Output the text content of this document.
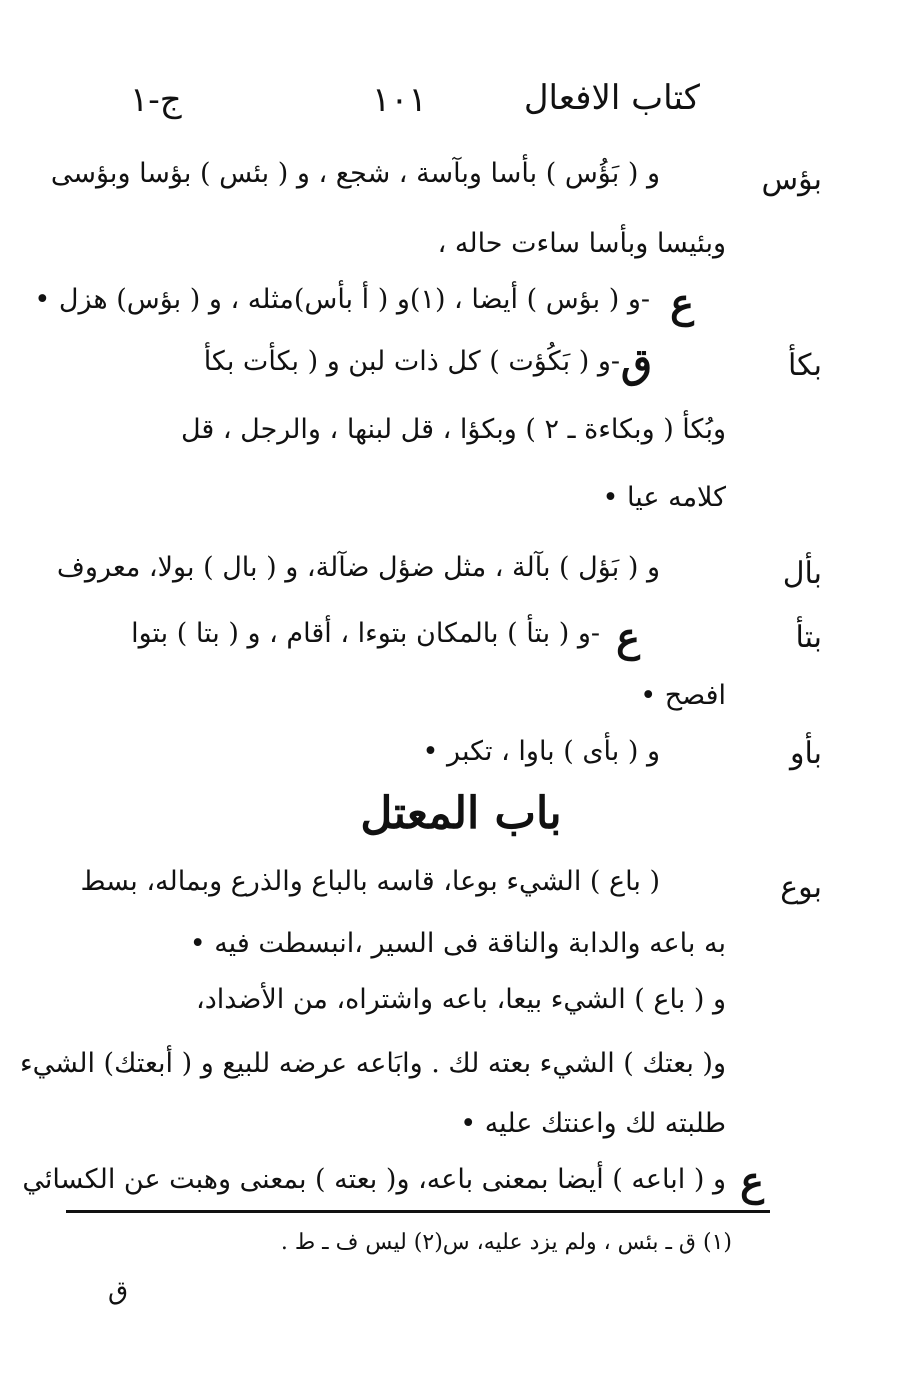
كتاب الافعال
١٠١
ج-١
بؤس
و ( بَؤُس ) بأسا وبآسة ، شجع ، و ( بئس ) بؤسا وبؤسى
وبئيسا وبأسا ساءت حاله ،
ع
-و ( بؤس ) أيضا ، (١)و ( أ بأس)مثله ، و ( بؤس) هزل •
بكأ
ق
-و ( بَكُؤت ) كل ذات لبن و ( بكأت بكأ
وبُكأ ( وبكاءة ـ ٢ ) وبكؤا ، قل لبنها ، والرجل ، قل
كلامه عيا •
بأل
و ( بَؤل ) بآلة ، مثل ضؤل ضآلة، و ( بال ) بولا، معروف
بتأ
ع
-و ( بتأ ) بالمكان بتوءا ، أقام ، و ( بتا ) بتوا
افصح •
بأو
و ( بأى ) باوا ، تكبر •
باب المعتل
بوع
( باع ) الشيء بوعا، قاسه بالباع والذرع وبماله، بسط
به باعه والدابة والناقة فى السير ،انبسطت فيه •
و ( باع ) الشيء بيعا، باعه واشتراه، من الأضداد،
و( بعتك ) الشيء بعته لك . وابَاعه عرضه للبيع و ( أبعتك) الشيء
طلبته لك واعنتك عليه •
ع
و ( اباعه ) أيضا بمعنى باعه، و( بعته ) بمعنى وهبت عن الكسائي
(١) ق ـ بئس ، ولم يزد عليه، س(٢) ليس ف ـ ط .
ق
